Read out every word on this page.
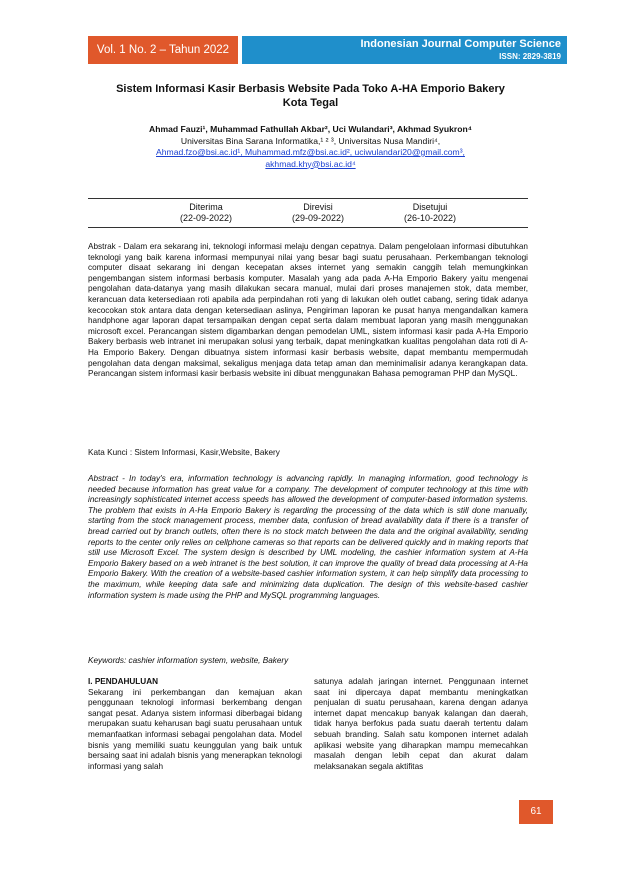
Vol. 1 No. 2 – Tahun 2022	Indonesian Journal Computer Science
ISSN: 2829-3819
Sistem Informasi Kasir Berbasis Website Pada Toko A-HA Emporio Bakery
Kota Tegal
Ahmad Fauzi¹, Muhammad Fathullah Akbar², Uci Wulandari³, Akhmad Syukron⁴
Universitas Bina Sarana Informatika,¹ ² ³, Universitas Nusa Mandiri⁴,
Ahmad.fzo@bsi.ac.id¹, Muhammad.mfz@bsi.ac.id², uciwulandari20@gmail.com³,
akhmad.khy@bsi.ac.id⁴
Diterima
(22-09-2022)
Direvisi
(29-09-2022)
Disetujui
(26-10-2022)
Abstrak - Dalam era sekarang ini, teknologi informasi melaju dengan cepatnya. Dalam pengelolaan informasi dibutuhkan teknologi yang baik karena informasi mempunyai nilai yang besar bagi suatu perusahaan. Perkembangan teknologi computer disaat sekarang ini dengan kecepatan akses internet yang semakin canggih telah memungkinkan pengembangan sistem informasi berbasis komputer. Masalah yang ada pada A-Ha Emporio Bakery yaitu mengenai pengolahan data-datanya yang masih dilakukan secara manual, mulai dari proses manajemen stok, data member, kerancuan data ketersediaan roti apabila ada perpindahan roti yang di lakukan oleh outlet cabang, sering tidak adanya kecocokan stok antara data dengan ketersediaan aslinya, Pengiriman laporan ke pusat hanya mengandalkan kamera handphone agar laporan dapat tersampaikan dengan cepat serta dalam membuat laporan yang masih menggunakan microsoft excel. Perancangan sistem digambarkan dengan pemodelan UML, sistem informasi kasir pada A-Ha Emporio Bakery berbasis web intranet ini merupakan solusi yang terbaik, dapat meningkatkan kualitas pengolahan data roti di A-Ha Emporio Bakery. Dengan dibuatnya sistem informasi kasir berbasis website, dapat membantu mempermudah pengolahan data dengan maksimal, sekaligus menjaga data tetap aman dan meminimalisir adanya kerangkapan data. Perancangan sistem informasi kasir berbasis website ini dibuat menggunakan Bahasa pemograman PHP dan MySQL.
Kata Kunci : Sistem Informasi, Kasir,Website, Bakery
Abstract - In today's era, information technology is advancing rapidly. In managing information, good technology is needed because information has great value for a company. The development of computer technology at this time with increasingly sophisticated internet access speeds has allowed the development of computer-based information systems. The problem that exists in A-Ha Emporio Bakery is regarding the processing of the data which is still done manually, starting from the stock management process, member data, confusion of bread availability data if there is a transfer of bread carried out by branch outlets, often there is no stock match between the data and the original availability, sending reports to the center only relies on cellphone cameras so that reports can be delivered quickly and in making reports that still use Microsoft Excel. The system design is described by UML modeling, the cashier information system at A-Ha Emporio Bakery based on a web intranet is the best solution, it can improve the quality of bread data processing at A-Ha Emporio Bakery. With the creation of a website-based cashier information system, it can help simplify data processing to the maximum, while keeping data safe and minimizing data duplication. The design of this website-based cashier information system is made using the PHP and MySQL programming languages.
Keywords: cashier information system, website, Bakery
I. PENDAHULUAN
Sekarang ini perkembangan dan kemajuan akan penggunaan teknologi informasi berkembang dengan sangat pesat. Adanya sistem informasi diberbagai bidang merupakan suatu keharusan bagi suatu perusahaan untuk memanfaatkan informasi sebagai pengolahan data. Model bisnis yang memiliki suatu keunggulan yang baik untuk bersaing saat ini adalah bisnis yang menerapkan teknologi informasi yang salah
satunya adalah jaringan internet. Penggunaan internet saat ini dipercaya dapat membantu meningkatkan penjualan di suatu perusahaan, karena dengan adanya internet dapat mencakup banyak kalangan dan daerah, tidak hanya berfokus pada suatu daerah tertentu dalam sebuah branding. Salah satu komponen internet adalah aplikasi website yang diharapkan mampu memecahkan masalah dengan lebih cepat dan akurat dalam melaksanakan segala aktifitas
61
